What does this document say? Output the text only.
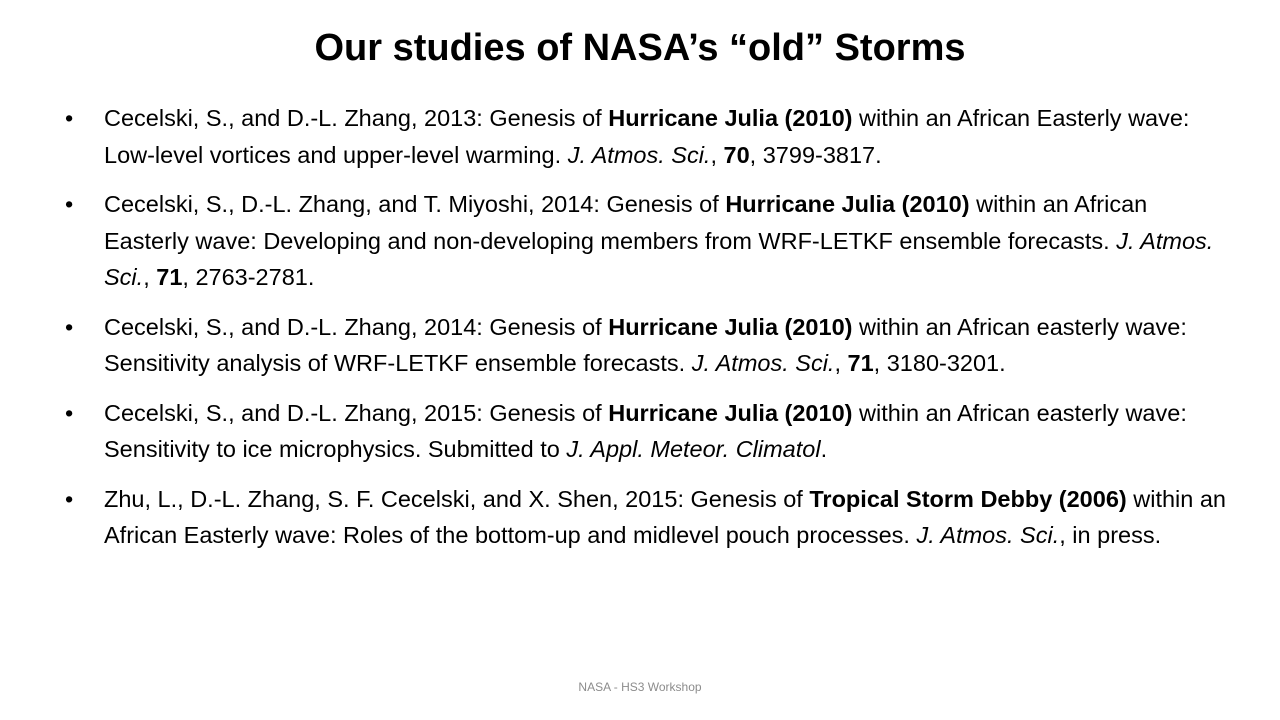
Our studies of NASA’s “old” Storms
• Cecelski, S., and D.-L. Zhang, 2013: Genesis of Hurricane Julia (2010) within an African Easterly wave: Low-level vortices and upper-level warming. J. Atmos. Sci., 70, 3799-3817.
• Cecelski, S., D.-L. Zhang, and T. Miyoshi, 2014: Genesis of Hurricane Julia (2010) within an African Easterly wave: Developing and non-developing members from WRF-LETKF ensemble forecasts. J. Atmos. Sci., 71, 2763-2781.
• Cecelski, S., and D.-L. Zhang, 2014: Genesis of Hurricane Julia (2010) within an African easterly wave: Sensitivity analysis of WRF-LETKF ensemble forecasts. J. Atmos. Sci., 71, 3180-3201.
• Cecelski, S., and D.-L. Zhang, 2015: Genesis of Hurricane Julia (2010) within an African easterly wave: Sensitivity to ice microphysics. Submitted to J. Appl. Meteor. Climatol.
• Zhu, L., D.-L. Zhang, S. F. Cecelski, and X. Shen, 2015: Genesis of Tropical Storm Debby (2006) within an African Easterly wave: Roles of the bottom-up and midlevel pouch processes. J. Atmos. Sci., in press.
NASA - HS3 Workshop
